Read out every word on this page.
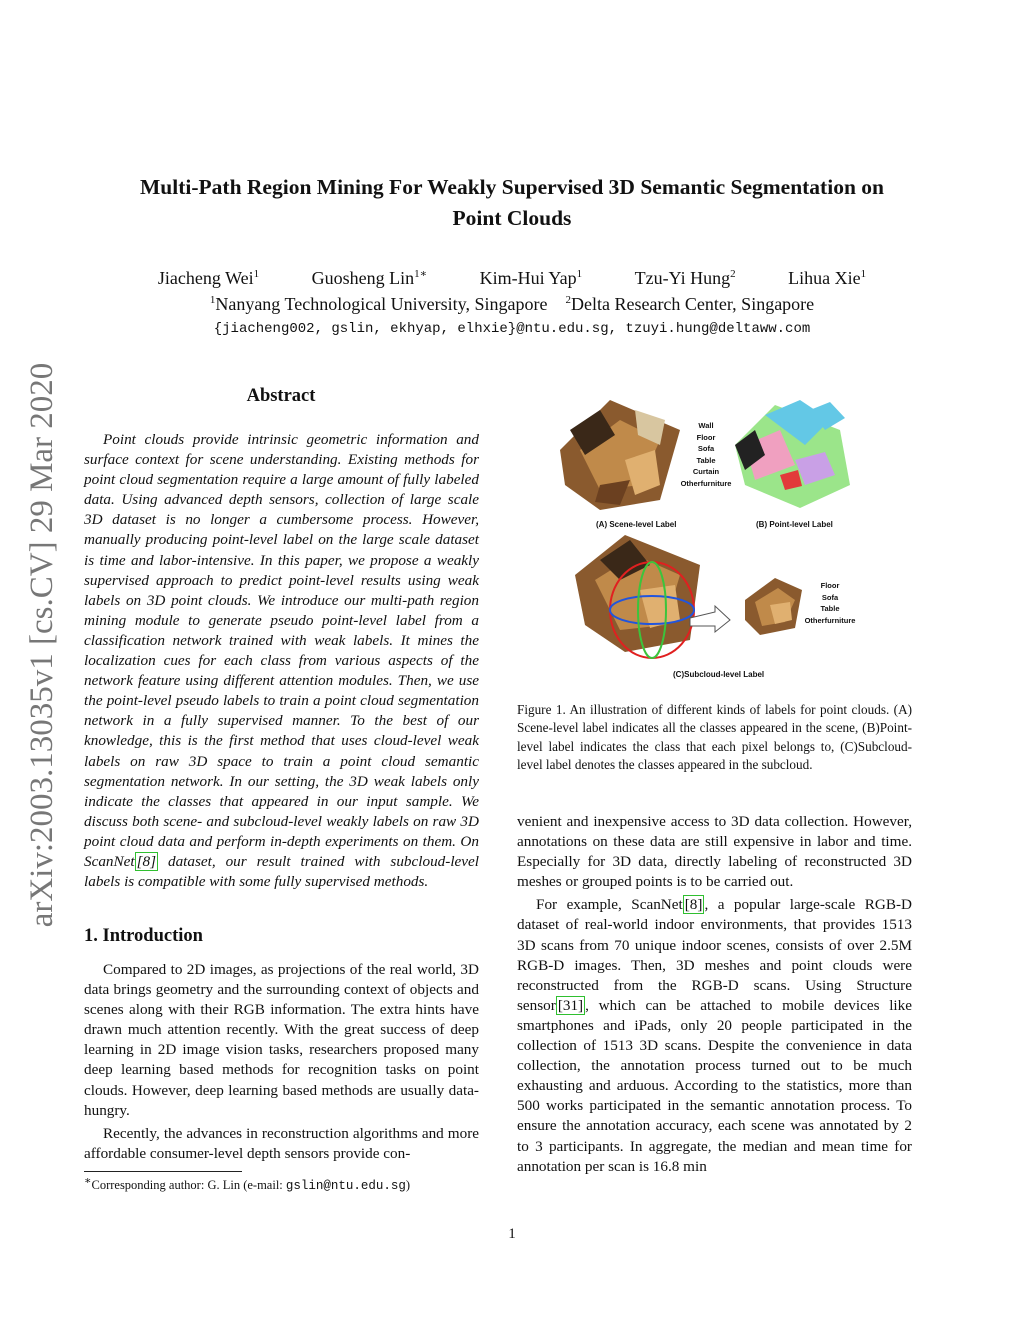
arXiv:2003.13035v1 [cs.CV] 29 Mar 2020
Multi-Path Region Mining For Weakly Supervised 3D Semantic Segmentation on
Point Clouds
Jiacheng Wei$^1$	Guosheng Lin$^{1∗}$	Kim-Hui Yap$^1$	Tzu-Yi Hung$^2$	Lihua Xie$^1$
$^1$Nanyang Technological University, Singapore $^2$Delta Research Center, Singapore
{jiacheng002, gslin, ekhyap, elhxie}@ntu.edu.sg, tzuyi.hung@deltaww.com
Abstract

Point clouds provide intrinsic geometric information and surface context for scene understanding. Existing methods for point cloud segmentation require a large amount of fully labeled data. Using advanced depth sensors, collection of large scale 3D dataset is no longer a cumbersome process. However, manually producing point-level label on the large scale dataset is time and labor-intensive. In this paper, we propose a weakly supervised approach to predict point-level results using weak labels on 3D point clouds. We introduce our multi-path region mining module to generate pseudo point-level label from a classification network trained with weak labels. It mines the localization cues for each class from various aspects of the network feature using different attention modules. Then, we use the point-level pseudo labels to train a point cloud segmentation network in a fully supervised manner. To the best of our knowledge, this is the first method that uses cloud-level weak labels on raw 3D space to train a point cloud semantic segmentation network. In our setting, the 3D weak labels only indicate the classes that appeared in our input sample. We discuss both scene- and subcloud-level weakly labels on raw 3D point cloud data and perform in-depth experiments on them. On ScanNet [8] dataset, our result trained with subcloud-level labels is compatible with some fully supervised methods.

1. Introduction

Compared to 2D images, as projections of the real world, 3D data brings geometry and the surrounding context of objects and scenes along with their RGB information. The extra hints have drawn much attention recently. With the great success of deep learning in 2D image vision tasks, researchers proposed many deep learning based methods for recognition tasks on point clouds. However, deep learning based methods are usually data-hungry.

Recently, the advances in reconstruction algorithms and more affordable consumer-level depth sensors provide con-

∗Corresponding author: G. Lin (e-mail: gslin@ntu.edu.sg)
Wall
Floor
Sofa
Table
Curtain
Otherfurniture
Floor
Sofa
Table
Otherfurniture
(A) Scene-level Label	(B) Point-level Label
(C)Subcloud-level Label
Figure 1. An illustration of different kinds of labels for point clouds. (A) Scene-level label indicates all the classes appeared in the scene, (B)Point-level label indicates the class that each pixel belongs to, (C)Subcloud-level label denotes the classes appeared in the subcloud.

venient and inexpensive access to 3D data collection. However, annotations on these data are still expensive in labor and time. Especially for 3D data, directly labeling of reconstructed 3D meshes or grouped points is to be carried out.

For example, ScanNet [8] , a popular large-scale RGB-D dataset of real-world indoor environments, that provides 1513 3D scans from 70 unique indoor scenes, consists of over 2.5M RGB-D images. Then, 3D meshes and point clouds were reconstructed from the RGB-D scans. Using Structure sensor [31] , which can be attached to mobile devices like smartphones and iPads, only 20 people participated in the collection of 1513 3D scans. Despite the convenience in data collection, the annotation process turned out to be much exhausting and arduous. According to the statistics, more than 500 works participated in the semantic annotation process. To ensure the annotation accuracy, each scene was annotated by 2 to 3 participants. In aggregate, the median and mean time for annotation per scan is 16.8 min

1
